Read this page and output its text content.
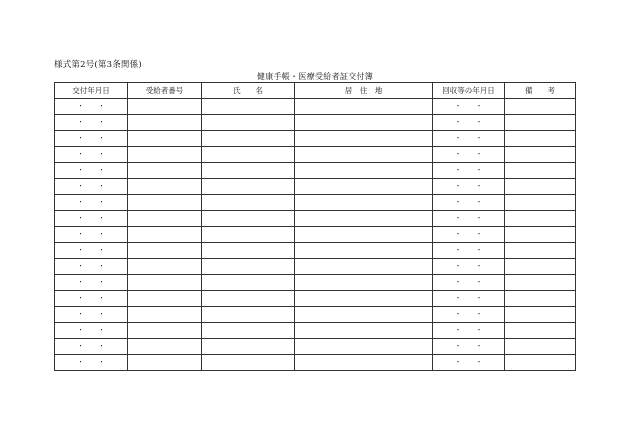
様式第2号(第3条関係)
健康手帳・医療受給者証交付簿
交付年月日	受給者番号	氏　　名	居　住　地	回収等の年月日	備　　考
・　　・				・　　・	
・　　・				・　　・	
・　　・				・　　・	
・　　・				・　　・	
・　　・				・　　・	
・　　・				・　　・	
・　　・				・　　・	
・　　・				・　　・	
・　　・				・　　・	
・　　・				・　　・	
・　　・				・　　・	
・　　・				・　　・	
・　　・				・　　・	
・　　・				・　　・	
・　　・				・　　・	
・　　・				・　　・	
・　　・				・　　・	
